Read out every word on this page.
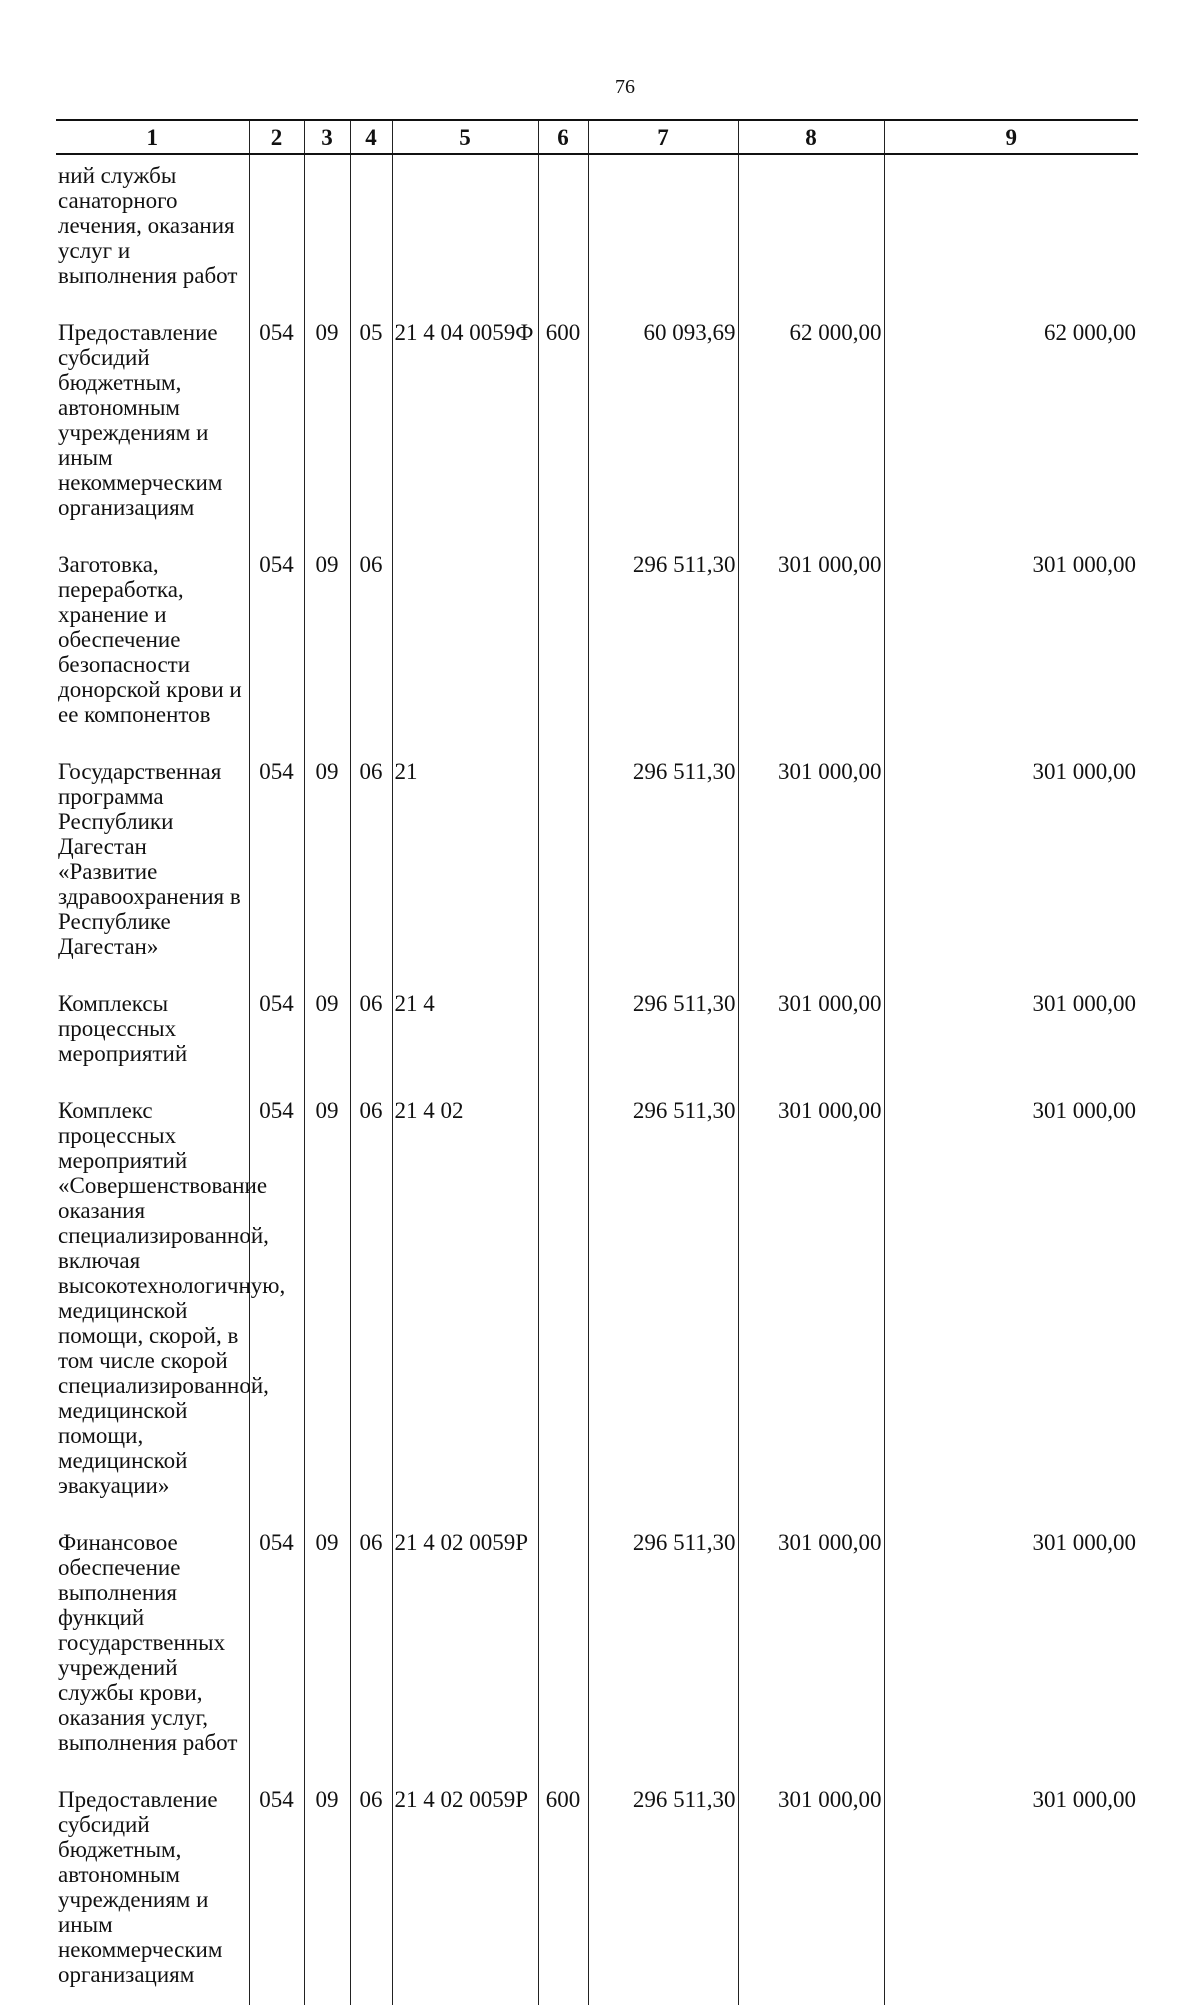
76
1	2	3	4	5	6	7	8	9
ний службы санаторного лечения, оказания услуг и выполнения работ								
Предоставление субсидий бюджетным, автономным учреждениям и иным некоммерческим организациям	054	09	05	21 4 04 0059Ф	600	60 093,69	62 000,00	62 000,00
Заготовка, переработка, хранение и обеспечение безопасности донорской крови и ее компонентов	054	09	06			296 511,30	301 000,00	301 000,00
Государственная программа Республики Дагестан «Развитие здравоохранения в Республике Дагестан»	054	09	06	21		296 511,30	301 000,00	301 000,00
Комплексы процессных мероприятий	054	09	06	21 4		296 511,30	301 000,00	301 000,00
Комплекс процессных мероприятий «Совершенствование оказания специализированной, включая высокотехнологичную, медицинской помощи, скорой, в том числе скорой специализированной, медицинской помощи, медицинской эвакуации»	054	09	06	21 4 02		296 511,30	301 000,00	301 000,00
Финансовое обеспечение выполнения функций государственных учреждений службы крови, оказания услуг, выполнения работ	054	09	06	21 4 02 0059Р		296 511,30	301 000,00	301 000,00
Предоставление субсидий бюджетным, автономным учреждениям и иным некоммерческим организациям	054	09	06	21 4 02 0059Р	600	296 511,30	301 000,00	301 000,00
